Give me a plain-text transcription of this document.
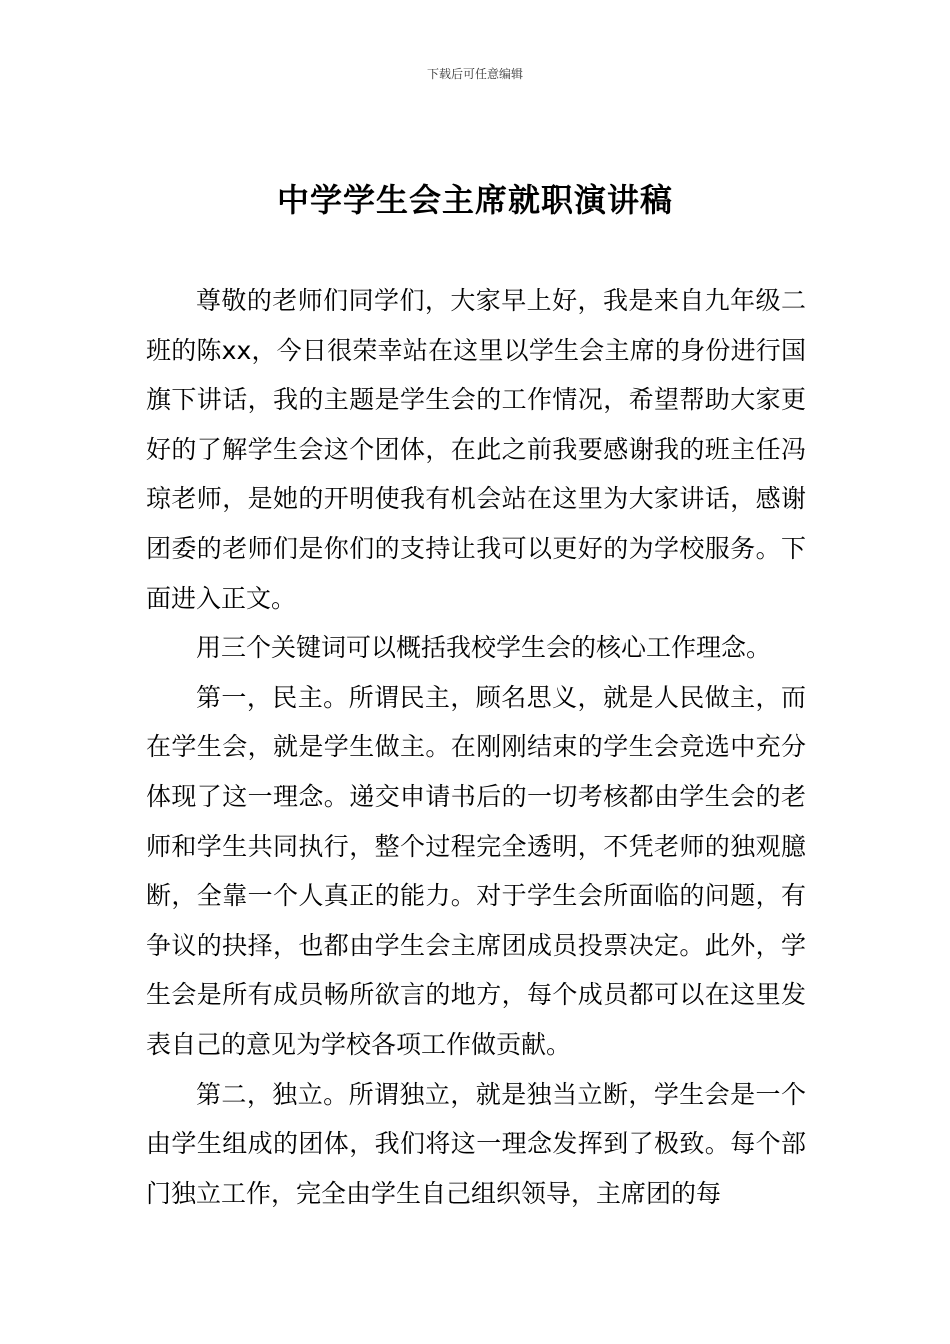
下载后可任意编辑
中学学生会主席就职演讲稿

尊敬的老师们同学们，大家早上好，我是来自九年级二班的陈xx，今日很荣幸站在这里以学生会主席的身份进行国旗下讲话，我的主题是学生会的工作情况，希望帮助大家更好的了解学生会这个团体，在此之前我要感谢我的班主任冯琼老师，是她的开明使我有机会站在这里为大家讲话，感谢团委的老师们是你们的支持让我可以更好的为学校服务。下面进入正文。

用三个关键词可以概括我校学生会的核心工作理念。

第一，民主。所谓民主，顾名思义，就是人民做主，而在学生会，就是学生做主。在刚刚结束的学生会竞选中充分体现了这一理念。递交申请书后的一切考核都由学生会的老师和学生共同执行，整个过程完全透明，不凭老师的独观臆断，全靠一个人真正的能力。对于学生会所面临的问题，有争议的抉择，也都由学生会主席团成员投票决定。此外，学生会是所有成员畅所欲言的地方，每个成员都可以在这里发表自己的意见为学校各项工作做贡献。

第二，独立。所谓独立，就是独当立断，学生会是一个由学生组成的团体，我们将这一理念发挥到了极致。每个部门独立工作，完全由学生自己组织领导，主席团的每
